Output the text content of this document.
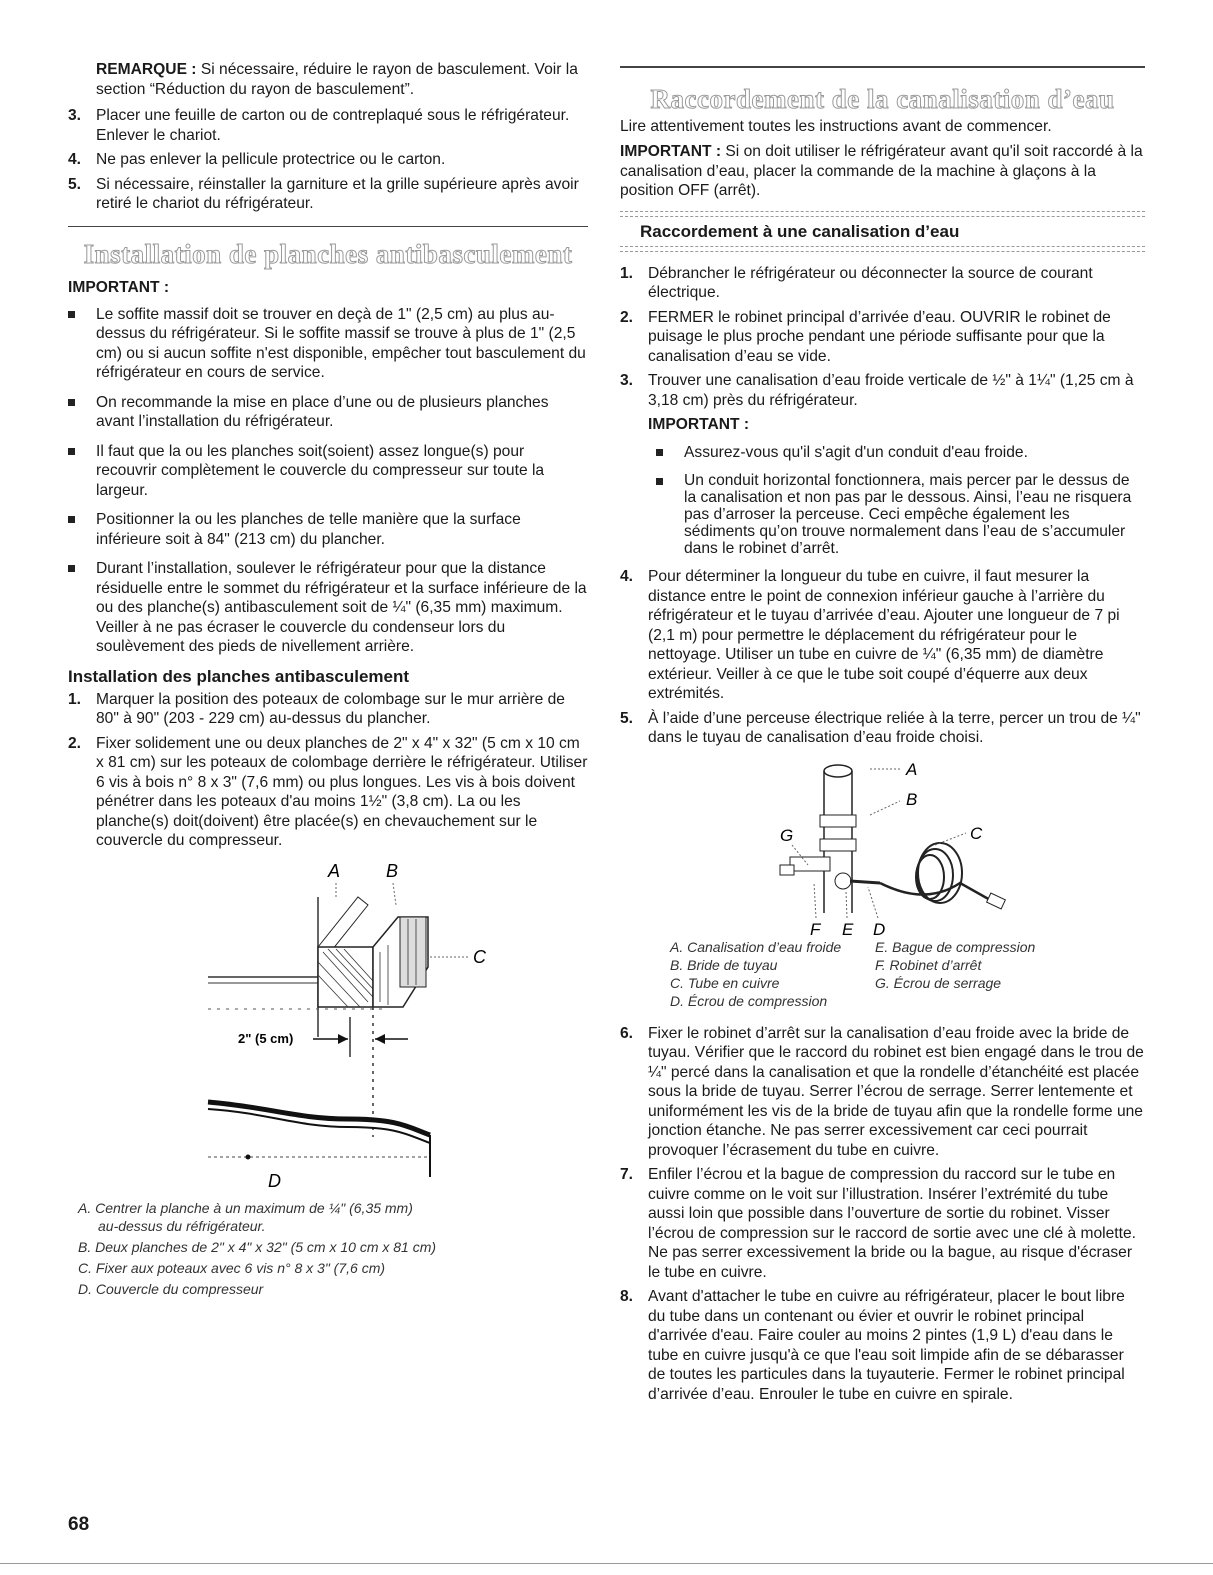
REMARQUE : Si nécessaire, réduire le rayon de basculement. Voir la section “Réduction du rayon de basculement”.

3. Placer une feuille de carton ou de contreplaqué sous le réfrigérateur. Enlever le chariot.
4. Ne pas enlever la pellicule protectrice ou le carton.
5. Si nécessaire, réinstaller la garniture et la grille supérieure après avoir retiré le chariot du réfrigérateur.
Installation de planches antibasculement

IMPORTANT :

Le soffite massif doit se trouver en deçà de 1" (2,5 cm) au plus au-dessus du réfrigérateur. Si le soffite massif se trouve à plus de 1" (2,5 cm) ou si aucun soffite n'est disponible, empêcher tout basculement du réfrigérateur en cours de service.
On recommande la mise en place d’une ou de plusieurs planches avant l’installation du réfrigérateur.
Il faut que la ou les planches soit(soient) assez longue(s) pour recouvrir complètement le couvercle du compresseur sur toute la largeur.
Positionner la ou les planches de telle manière que la surface inférieure soit à 84" (213 cm) du plancher.
Durant l’installation, soulever le réfrigérateur pour que la distance résiduelle entre le sommet du réfrigérateur et la surface inférieure de la ou des planche(s) antibasculement soit de ¼" (6,35 mm) maximum. Veiller à ne pas écraser le couvercle du condenseur lors du soulèvement des pieds de nivellement arrière.

Installation des planches antibasculement

1. Marquer la position des poteaux de colombage sur le mur arrière de 80" à 90" (203 - 229 cm) au-dessus du plancher.
2. Fixer solidement une ou deux planches de 2" x 4" x 32" (5 cm x 10 cm x 81 cm) sur les poteaux de colombage derrière le réfrigérateur. Utiliser 6 vis à bois n° 8 x 3" (7,6 mm) ou plus longues. Les vis à bois doivent pénétrer dans les poteaux d'au moins 1½" (3,8 cm). La ou les planche(s) doit(doivent) être placée(s) en chevauchement sur le couvercle du compresseur.
A	B
C
2" (5 cm)
D

A. Centrer la planche à un maximum de ¼" (6,35 mm)

au-dessus du réfrigérateur.

B. Deux planches de 2" x 4" x 32" (5 cm x 10 cm x 81 cm)

C. Fixer aux poteaux avec 6 vis n° 8 x 3" (7,6 cm)

D. Couvercle du compresseur

Raccordement de la canalisation d’eau

Lire attentivement toutes les instructions avant de commencer.

IMPORTANT : Si on doit utiliser le réfrigérateur avant qu'il soit raccordé à la canalisation d’eau, placer la commande de la machine à glaçons à la position OFF (arrêt).

Raccordement à une canalisation d’eau

1. Débrancher le réfrigérateur ou déconnecter la source de courant électrique.
2. FERMER le robinet principal d’arrivée d’eau. OUVRIR le robinet de puisage le plus proche pendant une période suffisante pour que la canalisation d’eau se vide.
3. Trouver une canalisation d’eau froide verticale de ½" à 1¼" (1,25 cm à 3,18 cm) près du réfrigérateur.

IMPORTANT :

Assurez-vous qu'il s'agit d'un conduit d'eau froide.
Un conduit horizontal fonctionnera, mais percer par le dessus de la canalisation et non pas par le dessous. Ainsi, l’eau ne risquera pas d’arroser la perceuse. Ceci empêche également les sédiments qu’on trouve normalement dans l’eau de s’accumuler dans le robinet d’arrêt.
4. Pour déterminer la longueur du tube en cuivre, il faut mesurer la distance entre le point de connexion inférieur gauche à l’arrière du réfrigérateur et le tuyau d’arrivée d’eau. Ajouter une longueur de 7 pi (2,1 m) pour permettre le déplacement du réfrigérateur pour le nettoyage. Utiliser un tube en cuivre de ¼" (6,35 mm) de diamètre extérieur. Veiller à ce que le tube soit coupé d’équerre aux deux extrémités.
5. À l’aide d’une perceuse électrique reliée à la terre, percer un trou de ¼" dans le tuyau de canalisation d’eau froide choisi.
A
B
C
G
F E D

A. Canalisation d’eau froide

B. Bride de tuyau

C. Tube en cuivre

D. Écrou de compression

E. Bague de compression

F. Robinet d’arrêt

G. Écrou de serrage

6. Fixer le robinet d’arrêt sur la canalisation d’eau froide avec la bride de tuyau. Vérifier que le raccord du robinet est bien engagé dans le trou de ¼" percé dans la canalisation et que la rondelle d’étanchéité est placée sous la bride de tuyau. Serrer l’écrou de serrage. Serrer lentemente et uniformément les vis de la bride de tuyau afin que la rondelle forme une jonction étanche. Ne pas serrer excessivement car ceci pourrait provoquer l’écrasement du tube en cuivre.
7. Enfiler l’écrou et la bague de compression du raccord sur le tube en cuivre comme on le voit sur l’illustration. Insérer l’extrémité du tube aussi loin que possible dans l’ouverture de sortie du robinet. Visser l’écrou de compression sur le raccord de sortie avec une clé à molette. Ne pas serrer excessivement la bride ou la bague, au risque d'écraser le tube en cuivre.
8. Avant d'attacher le tube en cuivre au réfrigérateur, placer le bout libre du tube dans un contenant ou évier et ouvrir le robinet principal d'arrivée d'eau. Faire couler au moins 2 pintes (1,9 L) d'eau dans le tube en cuivre jusqu'à ce que l'eau soit limpide afin de se débarasser de toutes les particules dans la tuyauterie. Fermer le robinet principal d’arrivée d’eau. Enrouler le tube en cuivre en spirale.
68
